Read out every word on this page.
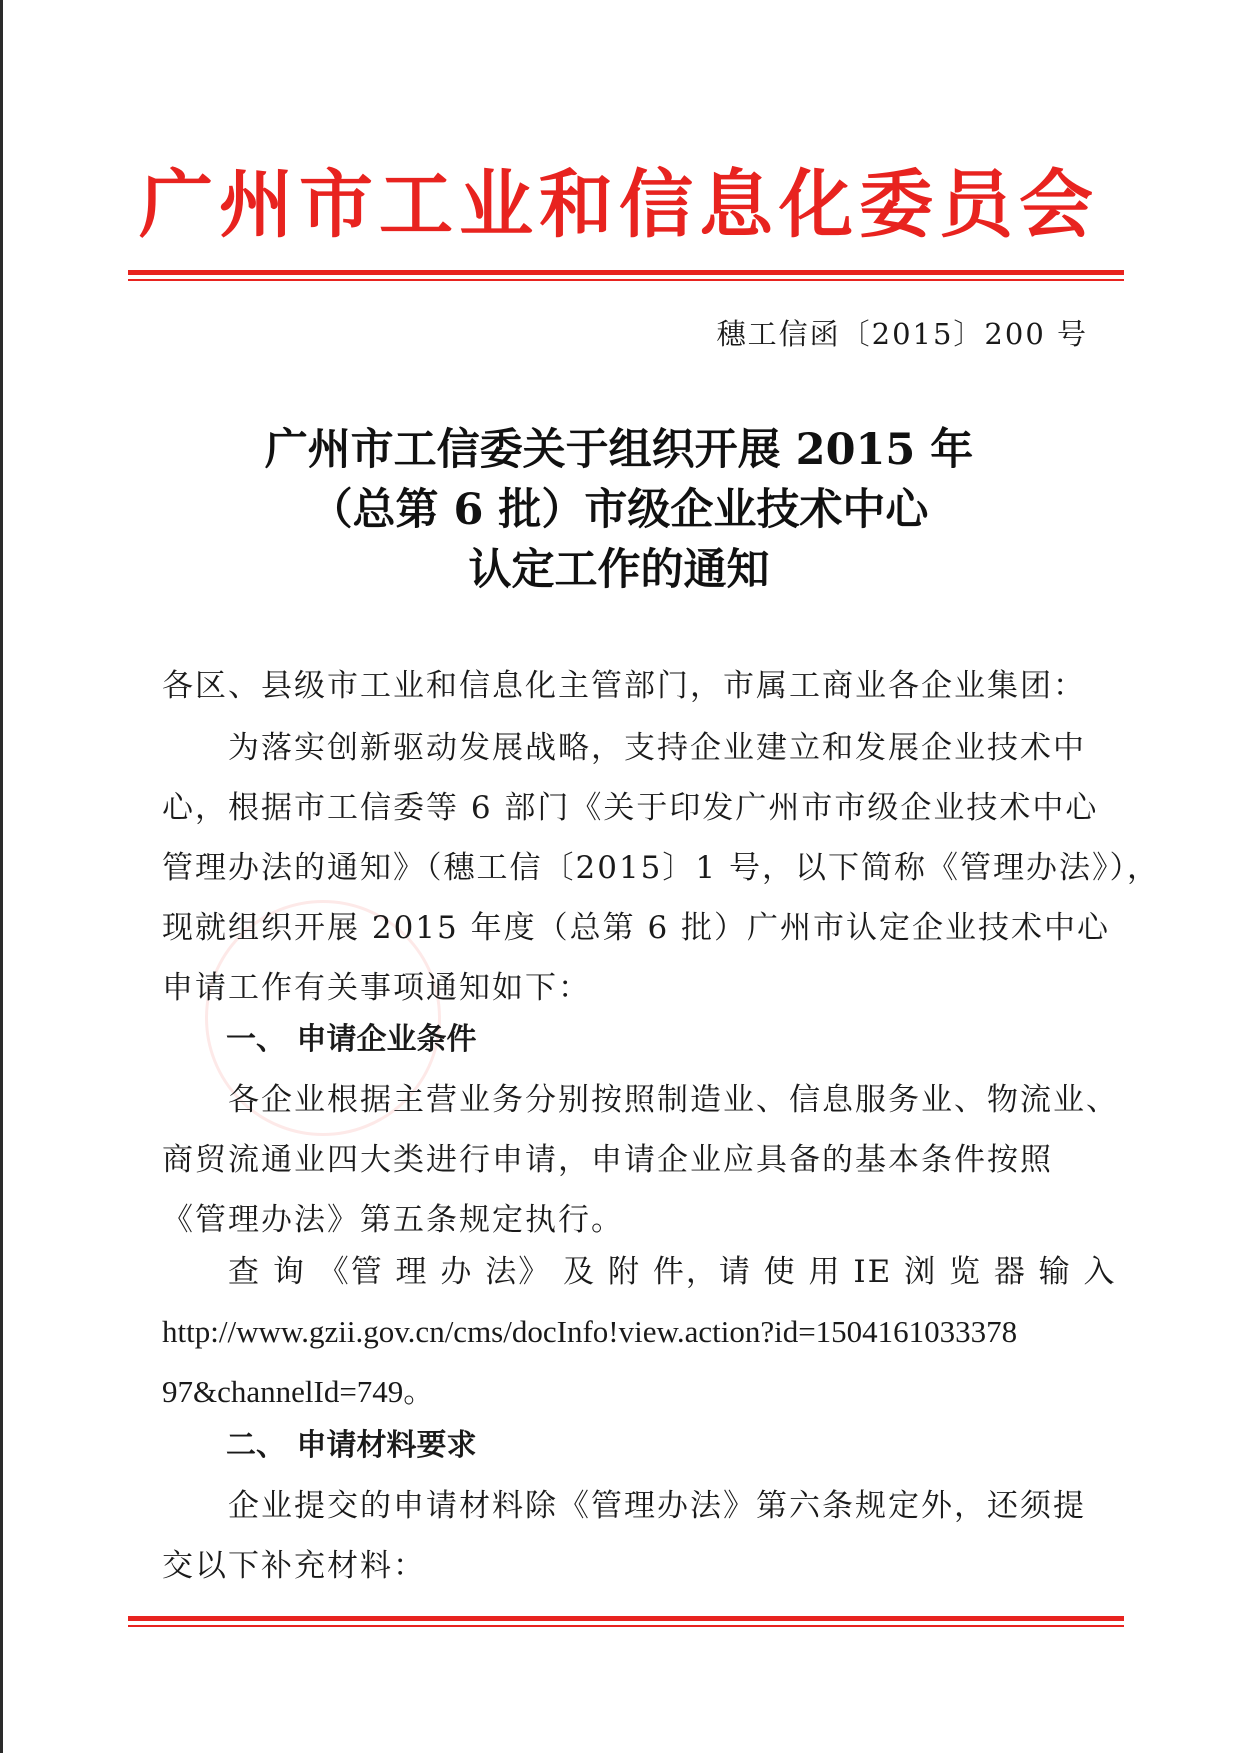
广州市工业和信息化委员会
穗工信函〔2015〕200 号
广州市工信委关于组织开展 2015 年
（总第 6 批）市级企业技术中心
认定工作的通知
各区、县级市工业和信息化主管部门，市属工商业各企业集团：
　　为落实创新驱动发展战略，支持企业建立和发展企业技术中
心，根据市工信委等 6 部门《关于印发广州市市级企业技术中心
管理办法的通知》（穗工信〔2015〕1 号，以下简称《管理办法》），
现就组织开展 2015 年度（总第 6 批）广州市认定企业技术中心
申请工作有关事项通知如下：
一、 申请企业条件
　　各企业根据主营业务分别按照制造业、信息服务业、物流业、
商贸流通业四大类进行申请，申请企业应具备的基本条件按照
《管理办法》第五条规定执行。
　　查 询 《管 理 办 法》 及 附 件，请 使 用 IE 浏 览 器 输 入
http://www.gzii.gov.cn/cms/docInfo!view.action?id=1504161033378
97&channelId=749。
二、 申请材料要求
　　企业提交的申请材料除《管理办法》第六条规定外，还须提
交以下补充材料：
